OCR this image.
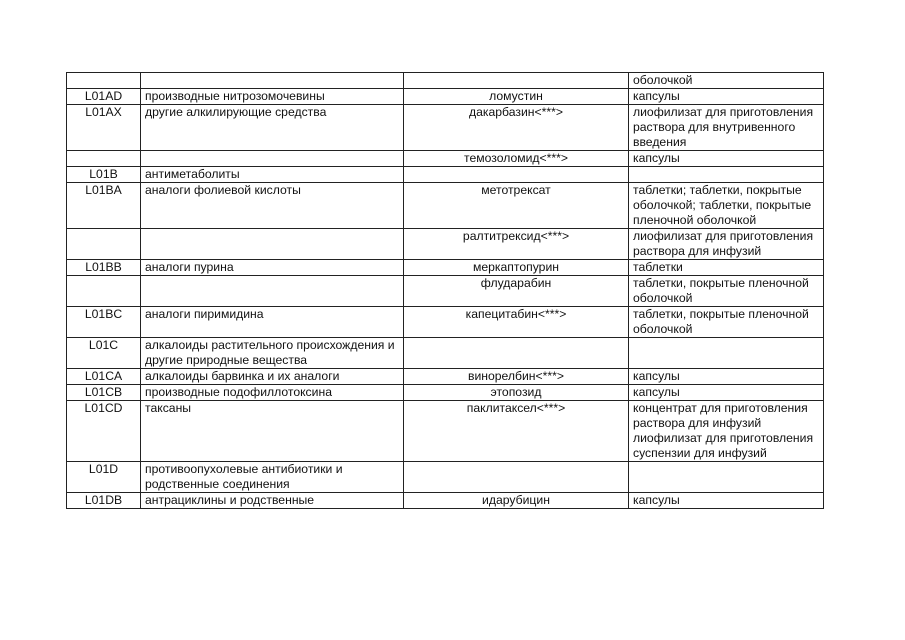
			оболочкой
L01AD	производные нитрозомочевины	ломустин	капсулы
L01AX	другие алкилирующие средства	дакарбазин<***>	лиофилизат для приготовления раствора для внутривенного введения
		темозоломид<***>	капсулы
L01B	антиметаболиты		
L01BA	аналоги фолиевой кислоты	метотрексат	таблетки; таблетки, покрытые оболочкой; таблетки, покрытые пленочной оболочкой
		ралтитрексид<***>	лиофилизат для приготовления раствора для инфузий
L01BB	аналоги пурина	меркаптопурин	таблетки
		флударабин	таблетки, покрытые пленочной оболочкой
L01BC	аналоги пиримидина	капецитабин<***>	таблетки, покрытые пленочной оболочкой
L01C	алкалоиды растительного происхождения и другие природные вещества		
L01CA	алкалоиды барвинка и их аналоги	винорелбин<***>	капсулы
L01CB	производные подофиллотоксина	этопозид	капсулы
L01CD	таксаны	паклитаксел<***>	концентрат для приготовления раствора для инфузий лиофилизат для приготовления суспензии для инфузий
L01D	противоопухолевые антибиотики и родственные соединения		
L01DB	антрациклины и родственные	идарубицин	капсулы
